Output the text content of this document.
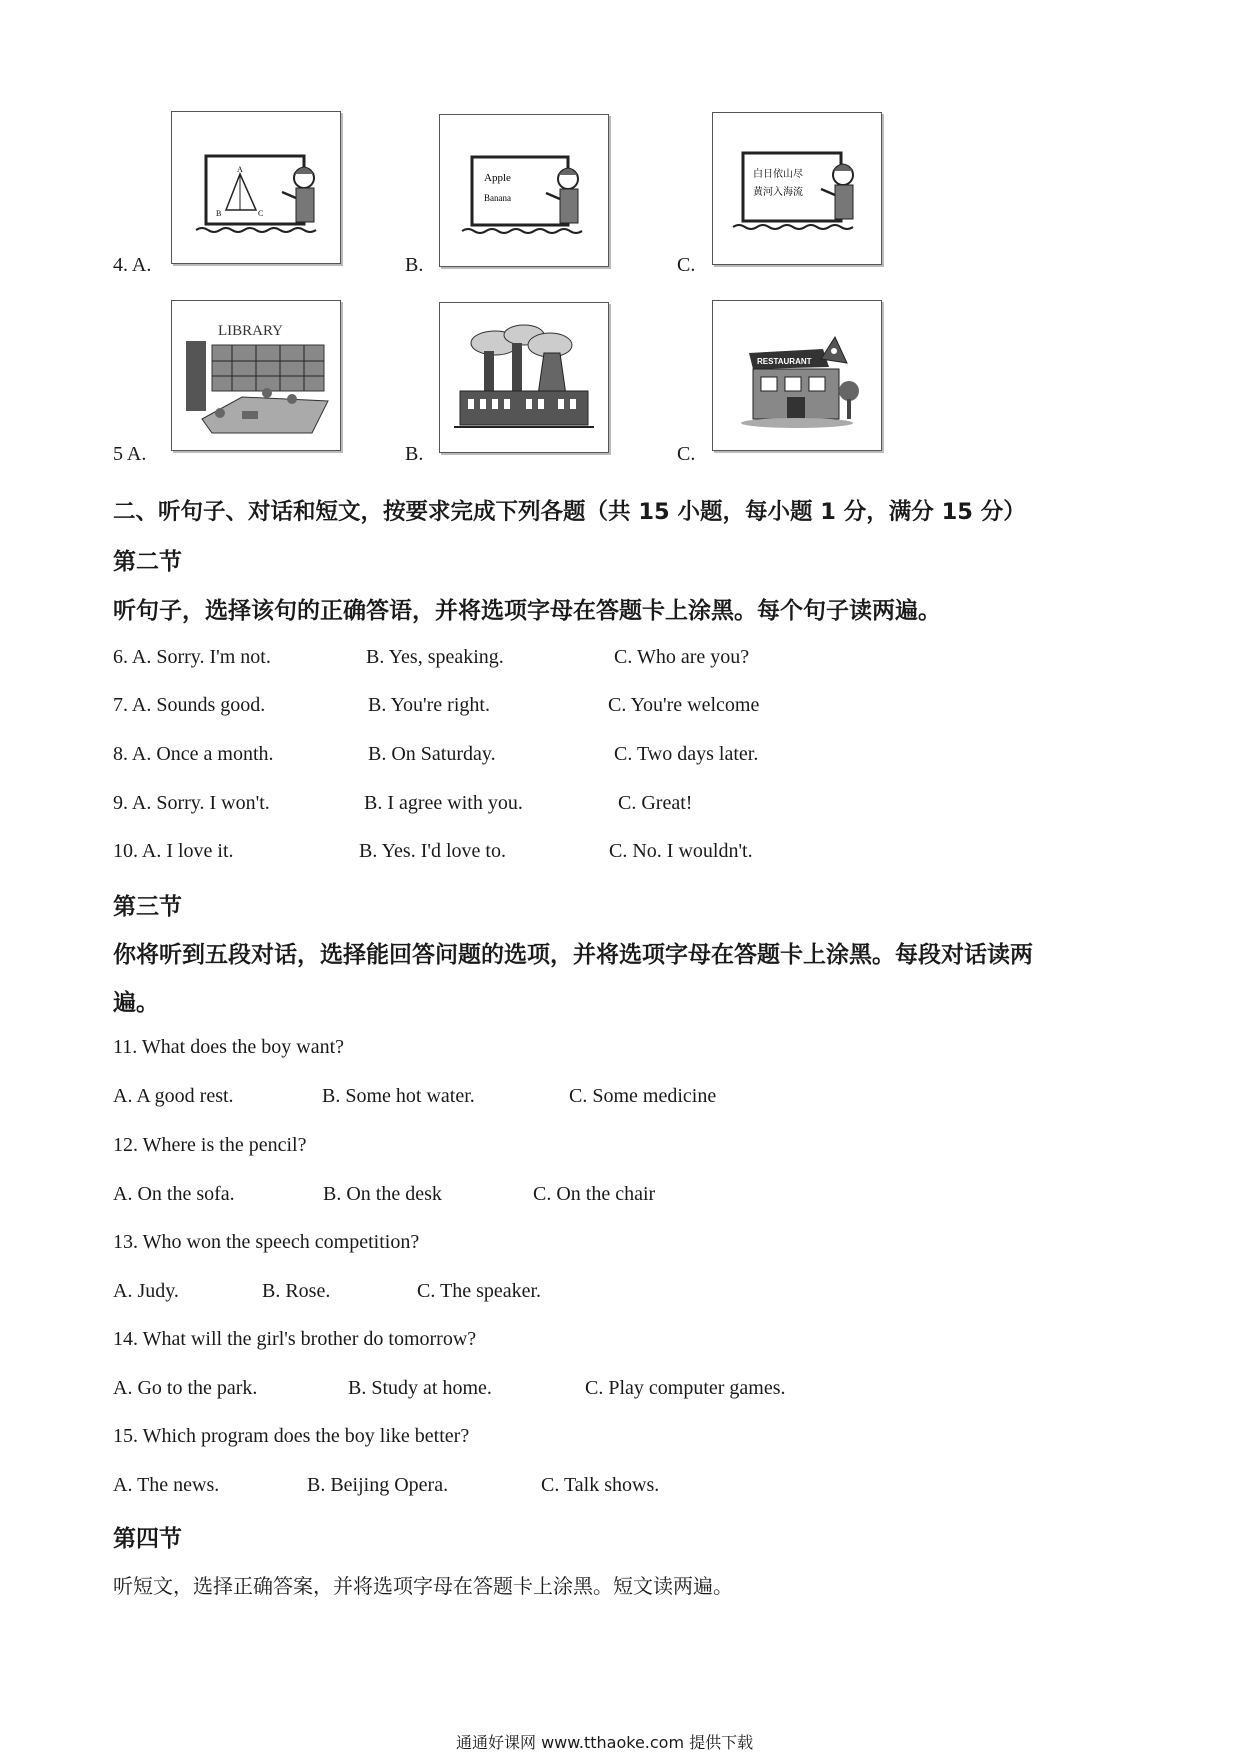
4. A.
A
B	C
B.
Apple
Banana
C.
白日依山尽
黄河入海流
5 A.
LIBRARY
B.	C.
RESTAURANT
二、听句子、对话和短文，按要求完成下列各题（共 15 小题，每小题 1 分，满分 15 分）
第二节
听句子，选择该句的正确答语，并将选项字母在答题卡上涂黑。每个句子读两遍。
6. A. Sorry. I'm not.	B. Yes, speaking.	C. Who are you?
7. A. Sounds good.	B. You're right.	C. You're welcome
8. A. Once a month.	B. On Saturday.	C. Two days later.
9. A. Sorry. I won't.	B. I agree with you.	C. Great!
10. A. I love it.	B. Yes. I'd love to.	C. No. I wouldn't.
第三节
你将听到五段对话，选择能回答问题的选项，并将选项字母在答题卡上涂黑。每段对话读两
遍。
11. What does the boy want?
A. A good rest.	B. Some hot water.	C. Some medicine
12. Where is the pencil?
A. On the sofa.	B. On the desk	C. On the chair
13. Who won the speech competition?
A. Judy.	B. Rose.	C. The speaker.
14. What will the girl's brother do tomorrow?
A. Go to the park.	B. Study at home.	C. Play computer games.
15. Which program does the boy like better?
A. The news.	B. Beijing Opera.	C. Talk shows.
第四节
听短文，选择正确答案，并将选项字母在答题卡上涂黑。短文读两遍。
通通好课网 www.tthaoke.com 提供下载
